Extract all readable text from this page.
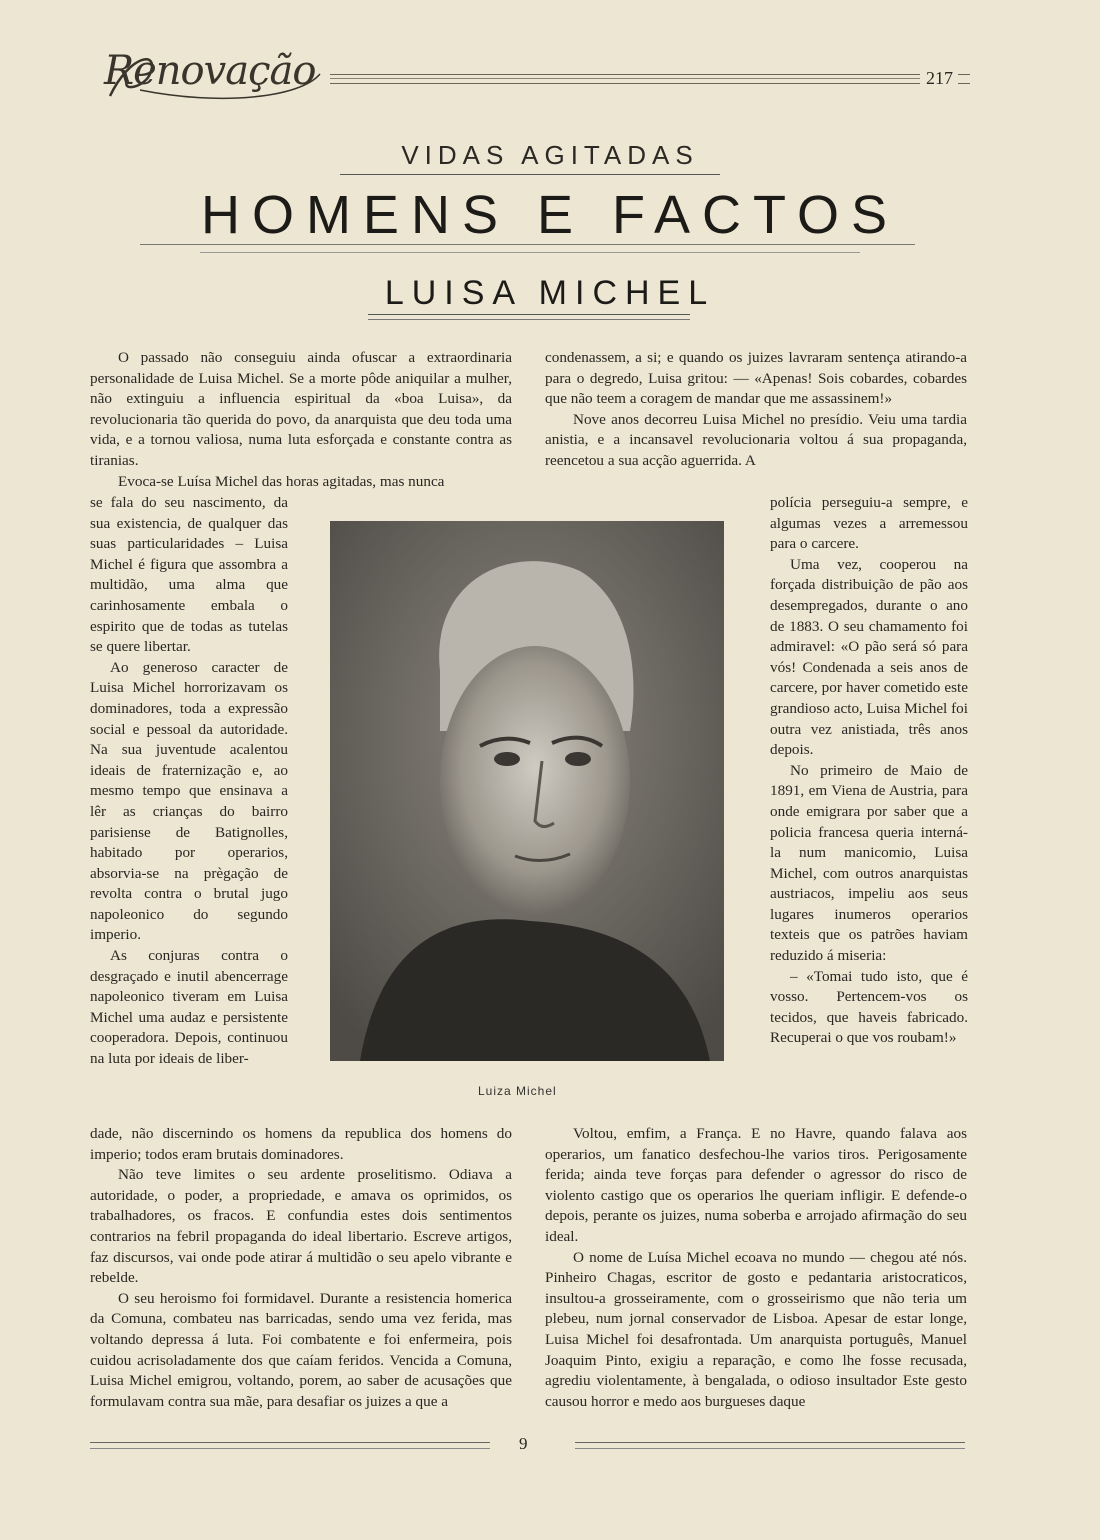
Renovação	217
VIDAS AGITADAS
HOMENS E FACTOS
LUISA MICHEL

O passado não conseguiu ainda ofuscar a extraordinaria personalidade de Luisa Michel. Se a morte pôde aniquilar a mulher, não extinguiu a influencia espiritual da «boa Luisa», da revolucionaria tão querida do povo, da anarquista que deu toda uma vida, e a tornou valiosa, numa luta esforçada e constante contra as tiranias.

Evoca-se Luísa Michel das horas agitadas, mas nunca

se fala do seu nascimento, da sua existencia, de qualquer das suas particularidades – Luisa Michel é figura que assombra a multidão, uma alma que carinhosamente embala o espirito que de todas as tutelas se quere libertar.

Ao generoso caracter de Luisa Michel horrorizavam os dominadores, toda a expressão social e pessoal da autoridade. Na sua juventude acalentou ideais de fraternização e, ao mesmo tempo que ensinava a lêr as crianças do bairro parisiense de Batignolles, habitado por operarios, absorvia-se na prègação de revolta contra o brutal jugo napoleonico do segundo imperio.

As conjuras contra o desgraçado e inutil abencerrage napoleonico tiveram em Luisa Michel uma audaz e persistente cooperadora. Depois, continuou na luta por ideais de liber-

dade, não discernindo os homens da republica dos homens do imperio; todos eram brutais dominadores.

Não teve limites o seu ardente proselitismo. Odiava a autoridade, o poder, a propriedade, e amava os oprimidos, os trabalhadores, os fracos. E confundia estes dois sentimentos contrarios na febril propaganda do ideal libertario. Escreve artigos, faz discursos, vai onde pode atirar á multidão o seu apelo vibrante e rebelde.

O seu heroismo foi formidavel. Durante a resistencia homerica da Comuna, combateu nas barricadas, sendo uma vez ferida, mas voltando depressa á luta. Foi combatente e foi enfermeira, pois cuidou acrisoladamente dos que caíam feridos. Vencida a Comuna, Luisa Michel emigrou, voltando, porem, ao saber de acusações que formulavam contra sua mãe, para desafiar os juizes a que a

condenassem, a si; e quando os juizes lavraram sentença atirando-a para o degredo, Luisa gritou: — «Apenas! Sois cobardes, cobardes que não teem a coragem de mandar que me assassinem!»

Nove anos decorreu Luisa Michel no presídio. Veiu uma tardia anistia, e a incansavel revolucionaria voltou á sua propaganda, reencetou a sua acção aguerrida. A

polícia perseguiu-a sempre, e algumas vezes a arremessou para o carcere.

Uma vez, cooperou na forçada distribuição de pão aos desempregados, durante o ano de 1883. O seu chamamento foi admiravel: «O pão será só para vós! Condenada a seis anos de carcere, por haver cometido este grandioso acto, Luisa Michel foi outra vez anistiada, três anos depois.

No primeiro de Maio de 1891, em Viena de Austria, para onde emigrara por saber que a policia francesa queria interná-la num manicomio, Luisa Michel, com outros anarquistas austriacos, impeliu aos seus lugares inumeros operarios texteis que os patrões haviam reduzido á miseria:

– «Tomai tudo isto, que é vosso. Pertencem-vos os tecidos, que haveis fabricado. Recuperai o que vos roubam!»

Voltou, emfim, a França. E no Havre, quando falava aos operarios, um fanatico desfechou-lhe varios tiros. Perigosamente ferida; ainda teve forças para defender o agressor do risco de violento castigo que os operarios lhe queriam infligir. E defende-o depois, perante os juizes, numa soberba e arrojado afirmação do seu ideal.

O nome de Luísa Michel ecoava no mundo — chegou até nós. Pinheiro Chagas, escritor de gosto e pedantaria aristocraticos, insultou-a grosseiramente, com o grosseirismo que não teria um plebeu, num jornal conservador de Lisboa. Apesar de estar longe, Luisa Michel foi desafrontada. Um anarquista português, Manuel Joaquim Pinto, exigiu a reparação, e como lhe fosse recusada, agrediu violentamente, à bengalada, o odioso insultador Este gesto causou horror e medo aos burgueses daque

Luiza Michel
9
